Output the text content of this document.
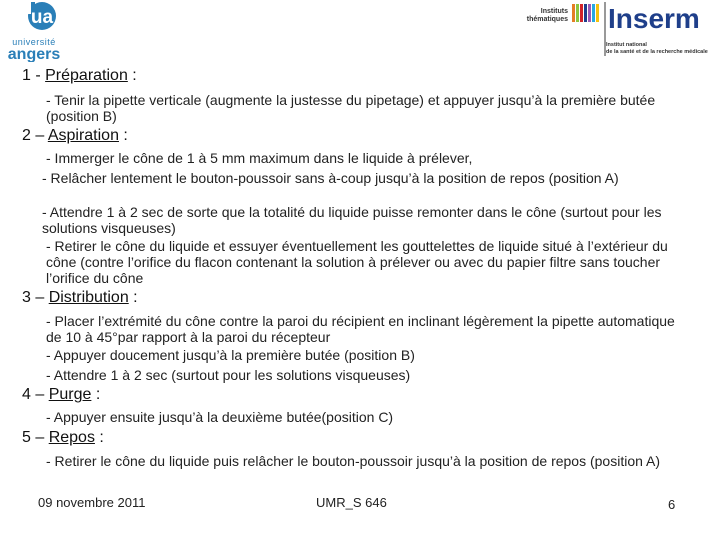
ua
université
angers
Instituts
thématiques Inserm
Institut national
de la santé et de la recherche médicale
1 - Préparation :
- Tenir la pipette verticale (augmente la justesse du pipetage) et appuyer jusqu’à la première butée (position B)
2 – Aspiration :
- Immerger le cône de 1 à 5 mm maximum dans le liquide à prélever,
- Relâcher lentement le bouton-poussoir sans à-coup jusqu’à la position de repos (position A)
- Attendre 1 à 2 sec de sorte que la totalité du liquide puisse remonter dans le cône (surtout pour les solutions visqueuses)
- Retirer le cône du liquide et essuyer éventuellement les gouttelettes de liquide situé à l’extérieur du cône (contre l’orifice du flacon contenant la solution à prélever ou avec du papier filtre sans toucher l’orifice du cône
3 – Distribution :
- Placer l’extrémité du cône contre la paroi du récipient en inclinant légèrement la pipette automatique de 10 à 45°par rapport à la paroi du récepteur
- Appuyer doucement jusqu’à la première butée (position B)
- Attendre 1 à 2 sec (surtout pour les solutions visqueuses)
4 – Purge :
- Appuyer ensuite jusqu’à la deuxième butée(position C)
5 – Repos :
- Retirer le cône du liquide puis relâcher le bouton-poussoir jusqu’à la position de repos (position A)
09 novembre 2011	UMR_S 646	6
